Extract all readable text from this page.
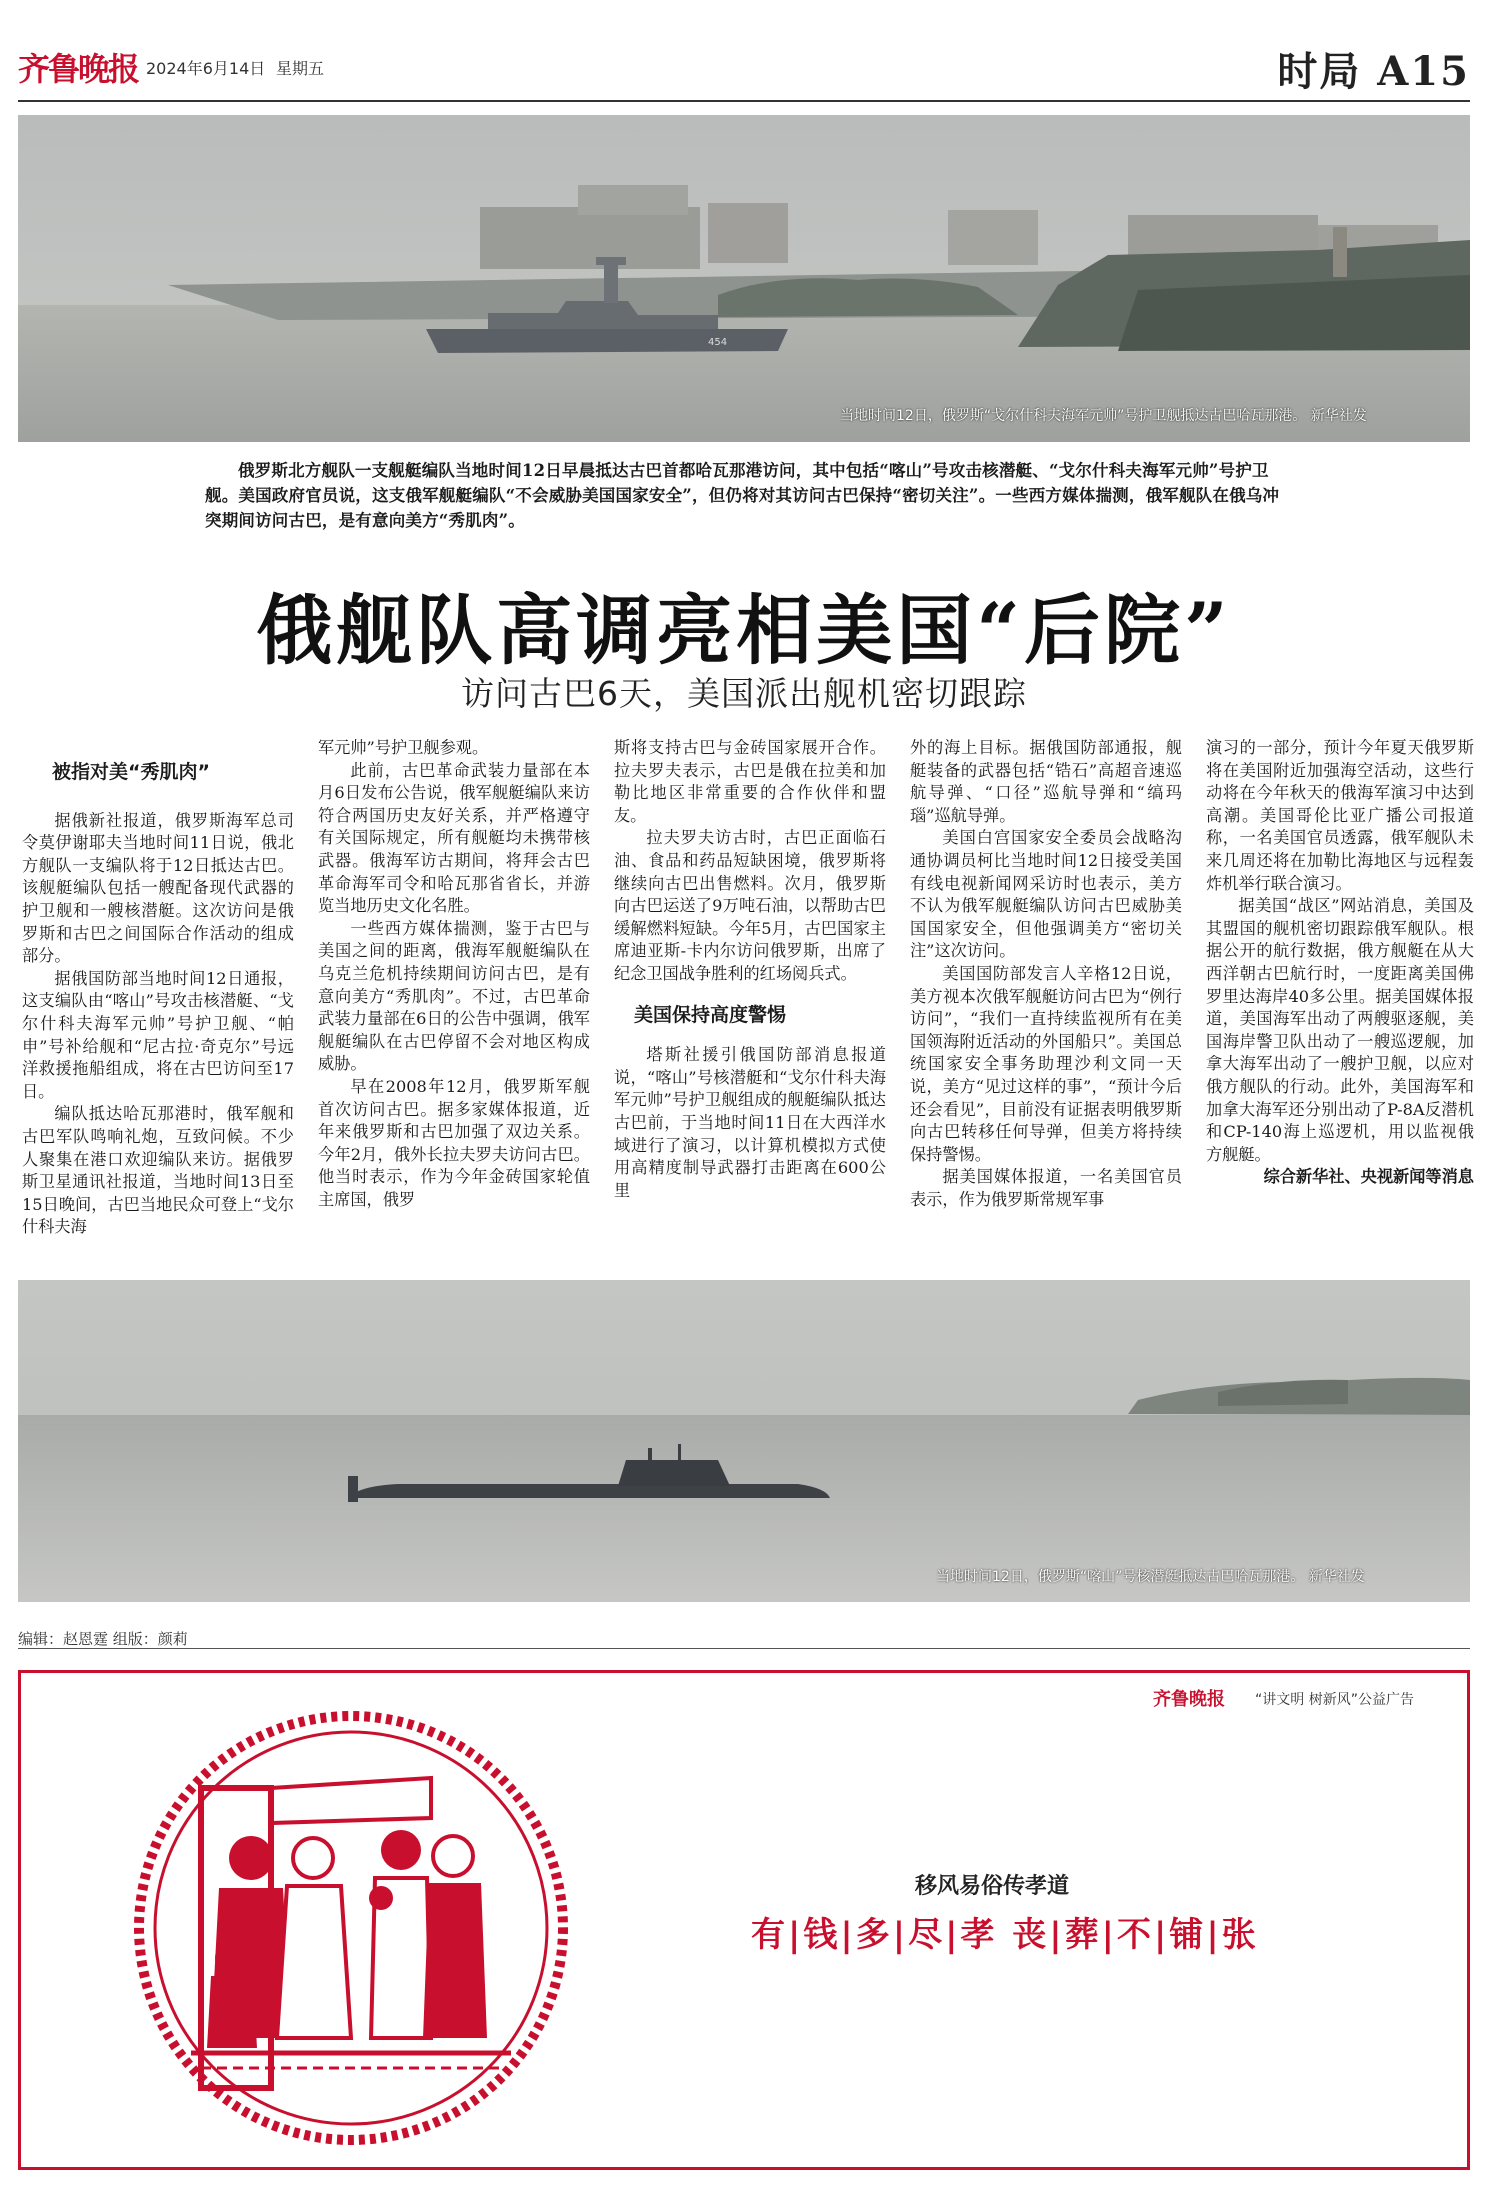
齐鲁晚报 2024年6月14日 星期五	时局 A15
454
当地时间12日，俄罗斯“戈尔什科夫海军元帅”号护卫舰抵达古巴哈瓦那港。 新华社发
俄罗斯北方舰队一支舰艇编队当地时间12日早晨抵达古巴首都哈瓦那港访问，其中包括“喀山”号攻击核潜艇、“戈尔什科夫海军元帅”号护卫舰。美国政府官员说，这支俄军舰艇编队“不会威胁美国国家安全”，但仍将对其访问古巴保持“密切关注”。一些西方媒体揣测，俄军舰队在俄乌冲突期间访问古巴，是有意向美方“秀肌肉”。
俄舰队高调亮相美国“后院”
访问古巴6天，美国派出舰机密切跟踪
被指对美“秀肌肉”

据俄新社报道，俄罗斯海军总司令莫伊谢耶夫当地时间11日说，俄北方舰队一支编队将于12日抵达古巴。该舰艇编队包括一艘配备现代武器的护卫舰和一艘核潜艇。这次访问是俄罗斯和古巴之间国际合作活动的组成部分。

据俄国防部当地时间12日通报，这支编队由“喀山”号攻击核潜艇、“戈尔什科夫海军元帅”号护卫舰、“帕申”号补给舰和“尼古拉·奇克尔”号远洋救援拖船组成，将在古巴访问至17日。

编队抵达哈瓦那港时，俄军舰和古巴军队鸣响礼炮，互致问候。不少人聚集在港口欢迎编队来访。据俄罗斯卫星通讯社报道，当地时间13日至15日晚间，古巴当地民众可登上“戈尔什科夫海

军元帅”号护卫舰参观。

此前，古巴革命武装力量部在本月6日发布公告说，俄军舰艇编队来访符合两国历史友好关系，并严格遵守有关国际规定，所有舰艇均未携带核武器。俄海军访古期间，将拜会古巴革命海军司令和哈瓦那省省长，并游览当地历史文化名胜。

一些西方媒体揣测，鉴于古巴与美国之间的距离，俄海军舰艇编队在乌克兰危机持续期间访问古巴，是有意向美方“秀肌肉”。不过，古巴革命武装力量部在6日的公告中强调，俄军舰艇编队在古巴停留不会对地区构成威胁。

早在2008年12月，俄罗斯军舰首次访问古巴。据多家媒体报道，近年来俄罗斯和古巴加强了双边关系。今年2月，俄外长拉夫罗夫访问古巴。他当时表示，作为今年金砖国家轮值主席国，俄罗

斯将支持古巴与金砖国家展开合作。拉夫罗夫表示，古巴是俄在拉美和加勒比地区非常重要的合作伙伴和盟友。

拉夫罗夫访古时，古巴正面临石油、食品和药品短缺困境，俄罗斯将继续向古巴出售燃料。次月，俄罗斯向古巴运送了9万吨石油，以帮助古巴缓解燃料短缺。今年5月，古巴国家主席迪亚斯-卡内尔访问俄罗斯，出席了纪念卫国战争胜利的红场阅兵式。

美国保持高度警惕

塔斯社援引俄国防部消息报道说，“喀山”号核潜艇和“戈尔什科夫海军元帅”号护卫舰组成的舰艇编队抵达古巴前，于当地时间11日在大西洋水域进行了演习，以计算机模拟方式使用高精度制导武器打击距离在600公里

外的海上目标。据俄国防部通报，舰艇装备的武器包括“锆石”高超音速巡航导弹、“口径”巡航导弹和“缟玛瑙”巡航导弹。

美国白宫国家安全委员会战略沟通协调员柯比当地时间12日接受美国有线电视新闻网采访时也表示，美方不认为俄军舰艇编队访问古巴威胁美国国家安全，但他强调美方“密切关注”这次访问。

美国国防部发言人辛格12日说，美方视本次俄军舰艇访问古巴为“例行访问”，“我们一直持续监视所有在美国领海附近活动的外国船只”。美国总统国家安全事务助理沙利文同一天说，美方“见过这样的事”，“预计今后还会看见”，目前没有证据表明俄罗斯向古巴转移任何导弹，但美方将持续保持警惕。

据美国媒体报道，一名美国官员表示，作为俄罗斯常规军事

演习的一部分，预计今年夏天俄罗斯将在美国附近加强海空活动，这些行动将在今年秋天的俄海军演习中达到高潮。美国哥伦比亚广播公司报道称，一名美国官员透露，俄军舰队未来几周还将在加勒比海地区与远程轰炸机举行联合演习。

据美国“战区”网站消息，美国及其盟国的舰机密切跟踪俄军舰队。根据公开的航行数据，俄方舰艇在从大西洋朝古巴航行时，一度距离美国佛罗里达海岸40多公里。据美国媒体报道，美国海军出动了两艘驱逐舰，美国海岸警卫队出动了一艘巡逻舰，加拿大海军出动了一艘护卫舰，以应对俄方舰队的行动。此外，美国海军和加拿大海军还分别出动了P-8A反潜机和CP-140海上巡逻机，用以监视俄方舰艇。

综合新华社、央视新闻等消息

当地时间12日，俄罗斯“喀山”号核潜艇抵达古巴哈瓦那港。 新华社发
编辑：赵恩霆 组版：颜莉
齐鲁晚报 “讲文明 树新风”公益广告
移风易俗传孝道
有|钱|多|尽|孝 丧|葬|不|铺|张
